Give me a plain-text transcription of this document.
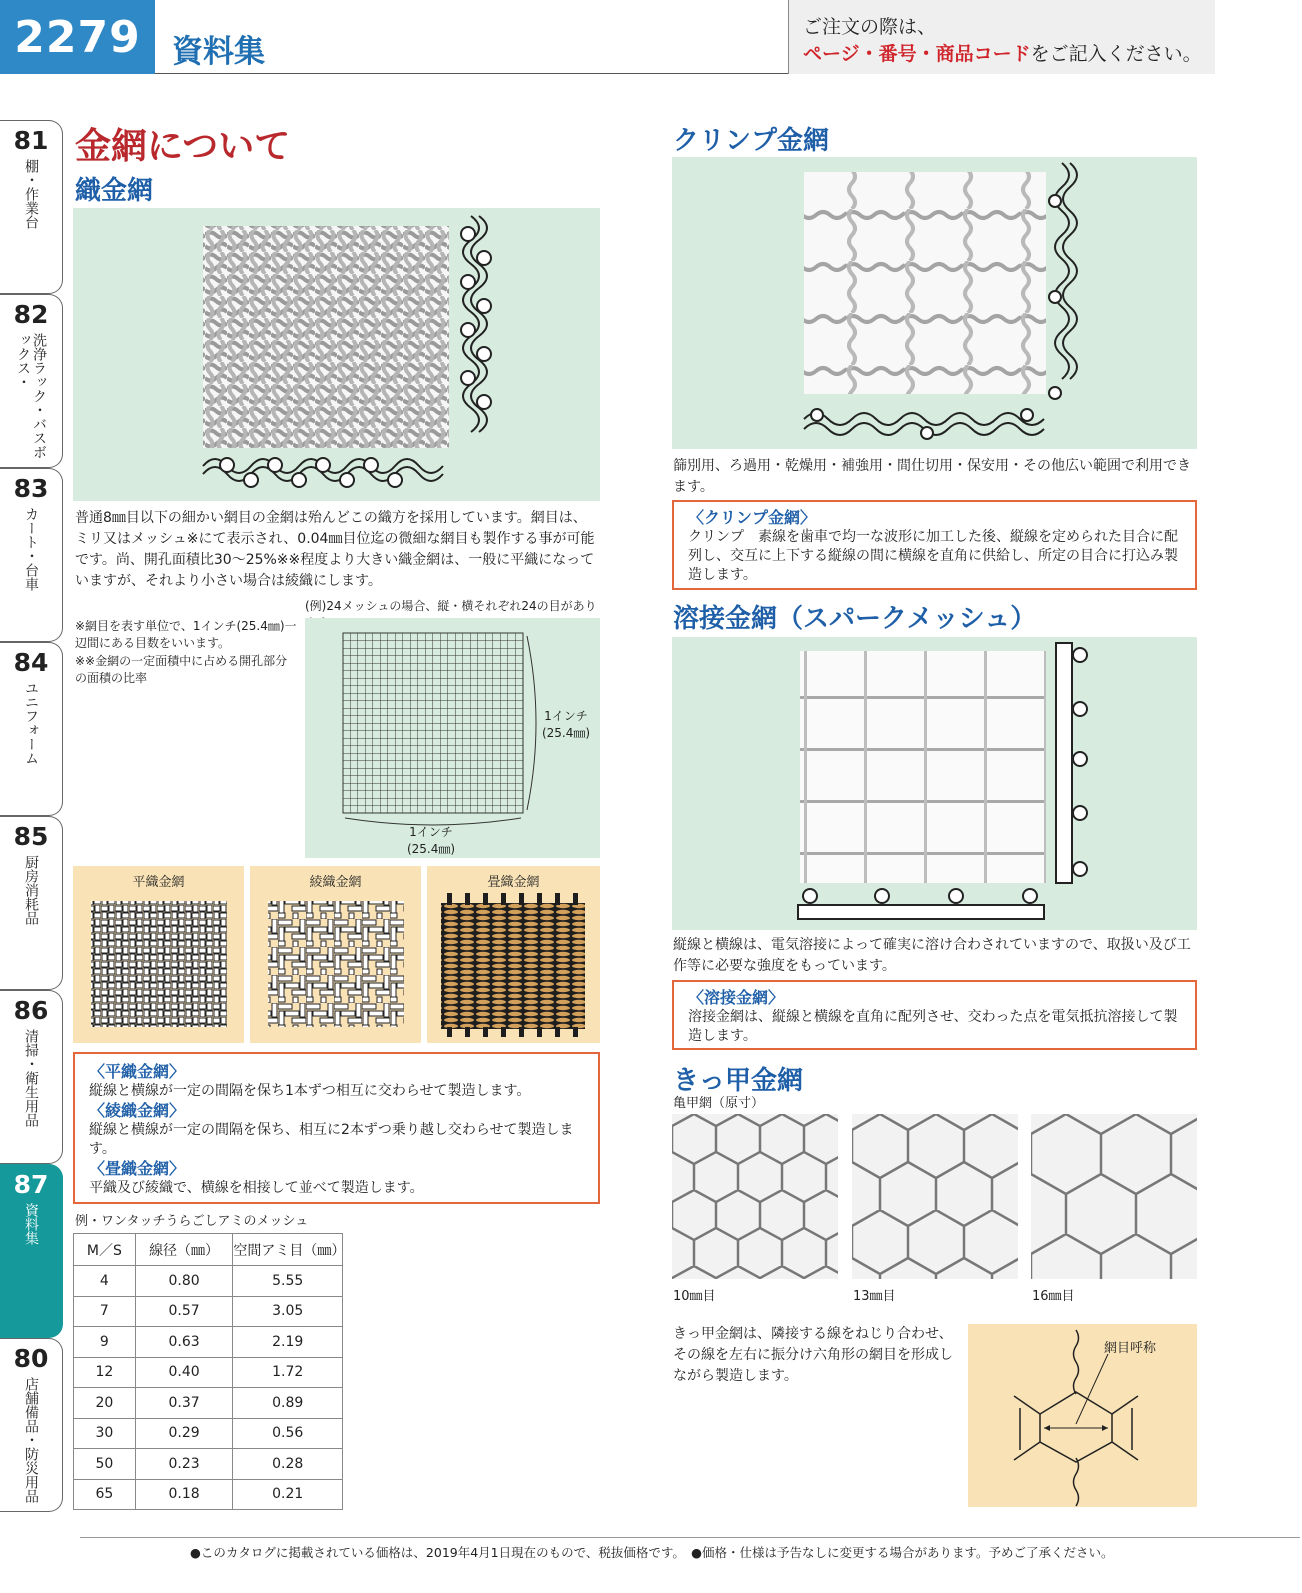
2279	資料集
ご注文の際は、
ページ・番号・商品コードをご記入ください。
81
棚・作業台
82
洗浄ラック・バスボックス・
83
カート・台車
84
ユニフォーム
85
厨房消耗品
86
清掃・衛生用品
87
資料集
80
店舗備品・防災用品
金網について
織金網
普通8㎜目以下の細かい網目の金網は殆んどこの織方を採用しています。網目は、ミリ又はメッシュ※にて表示され、0.04㎜目位迄の微細な網目も製作する事が可能です。尚、開孔面積比30〜25%※※程度より大きい織金網は、一般に平織になっていますが、それより小さい場合は綾織にします。
※網目を表す単位で、1インチ(25.4㎜)一辺間にある目数をいいます。
※※金網の一定面積中に占める開孔部分の面積の比率
(例)24メッシュの場合、縦・横それぞれ24の目があり
1インチ
(25.4㎜)
1インチ
(25.4㎜)
平織金網	綾織金網	畳織金網
〈平織金網〉
縦線と横線が一定の間隔を保ち1本ずつ相互に交わらせて製造します。
〈綾織金網〉
縦線と横線が一定の間隔を保ち、相互に2本ずつ乗り越し交わらせて製造します。
〈畳織金網〉
平織及び綾織で、横線を相接して並べて製造します。
例・ワンタッチうらごしアミのメッシュ
M／S	線径（㎜）	空間アミ目（㎜）
4	0.80	5.55
7	0.57	3.05
9	0.63	2.19
12	0.40	1.72
20	0.37	0.89
30	0.29	0.56
50	0.23	0.28
65	0.18	0.21
クリンプ金網
篩別用、ろ過用・乾燥用・補強用・間仕切用・保安用・その他広い範囲で利用できます。
〈クリンプ金網〉
クリンプ　素線を歯車で均一な波形に加工した後、縦線を定められた目合に配列し、交互に上下する縦線の間に横線を直角に供給し、所定の目合に打込み製造します。
溶接金網（スパークメッシュ）
縦線と横線は、電気溶接によって確実に溶け合わされていますので、取扱い及び工作等に必要な強度をもっています。
〈溶接金網〉
溶接金網は、縦線と横線を直角に配列させ、交わった点を電気抵抗溶接して製造します。
きっ甲金網
亀甲網（原寸）
10㎜目	13㎜目	16㎜目
きっ甲金網は、隣接する線をねじり合わせ、その線を左右に振分け六角形の網目を形成しながら製造します。
網目呼称
●このカタログに掲載されている価格は、2019年4月1日現在のもので、税抜価格です。　●価格・仕様は予告なしに変更する場合があります。予めご了承ください。
